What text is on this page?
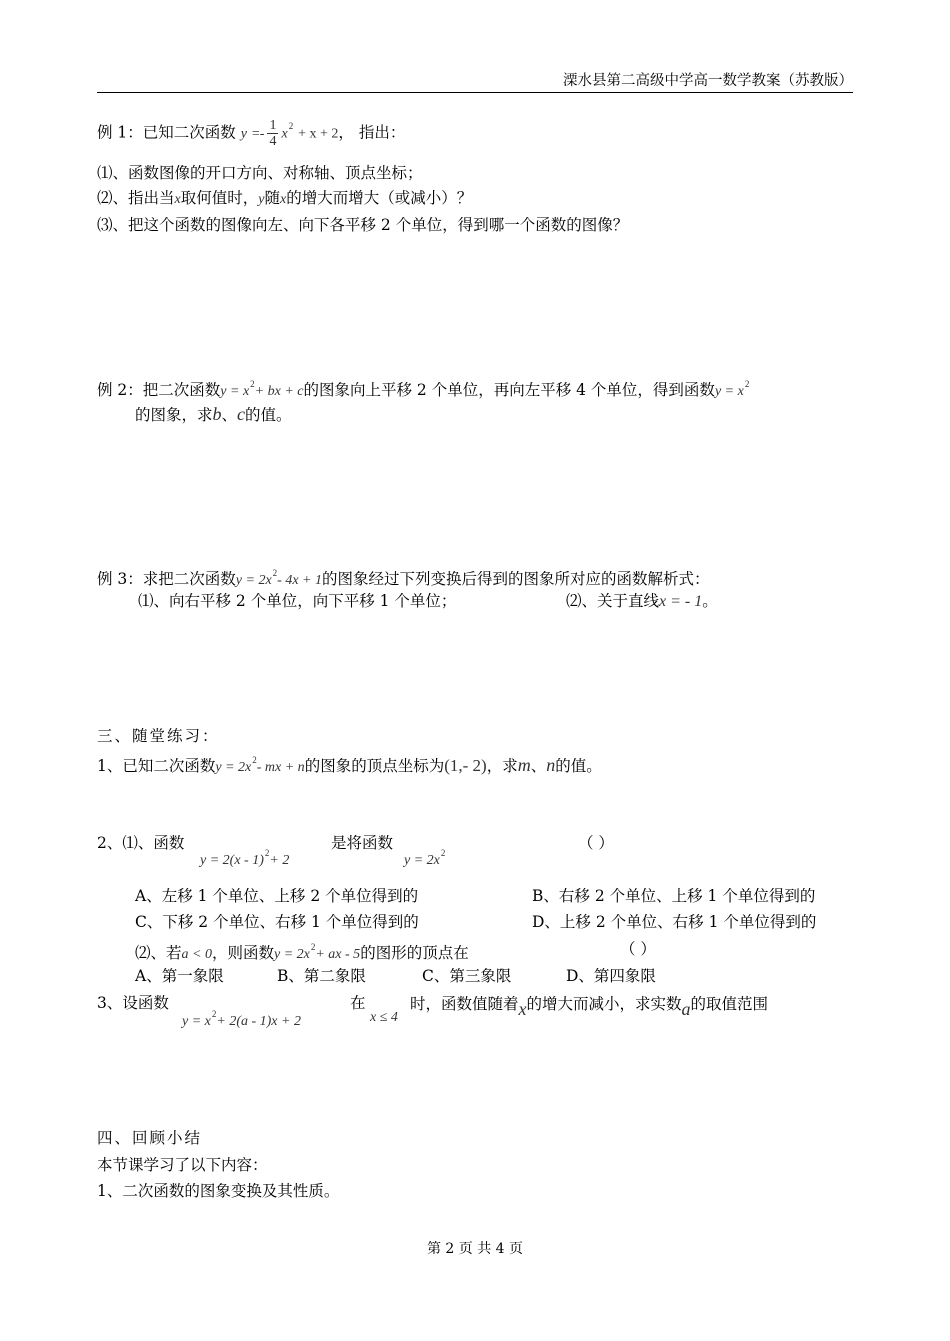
溧水县第二高级中学高一数学教案（苏教版）
例 1：已知二次函数 $y =- \frac{1}{4} x^2 + x + 2$， 指出：
⑴、函数图像的开口方向、对称轴、顶点坐标；
⑵、指出当x取何值时，y随x的增大而增大（或减小）？
⑶、把这个函数的图像向左、向下各平移 2 个单位，得到哪一个函数的图像？
例 2：把二次函数$y = x^2+$ bx + c的图象向上平移 2 个单位，再向左平移 4 个单位，得到函数$y = x^2$
的图象，求b、c的值。
例 3：求把二次函数$y = 2x^2-$ 4x + 1的图象经过下列变换后得到的图象所对应的函数解析式：
⑴、向右平移 2 个单位，向下平移 1 个单位；	⑵、关于直线x = - 1。
三、随堂练习：
1、已知二次函数$y = 2x^2-$ mx + n的图象的顶点坐标为(1,- 2)，求m、n的值。
2、⑴、函数
y = 2(x - 1)$^2$+ 2
是将函数
$y = 2x^2$
（ ）
A、左移 1 个单位、上移 2 个单位得到的	B、右移 2 个单位、上移 1 个单位得到的
C、下移 2 个单位、右移 1 个单位得到的	D、上移 2 个单位、右移 1 个单位得到的
⑵、若a < 0，则函数$y = 2x^2+$ ax - 5的图形的顶点在	（ ）
A、第一象限	B、第二象限	C、第三象限	D、第四象限
3、设函数
$y = x^2+ 2(a - 1)x + 2$
在
x ≤ 4
时，函数值随着x的增大而减小，求实数a的取值范围
四、回顾小结
本节课学习了以下内容：
1、二次函数的图象变换及其性质。
第 2 页 共 4 页
